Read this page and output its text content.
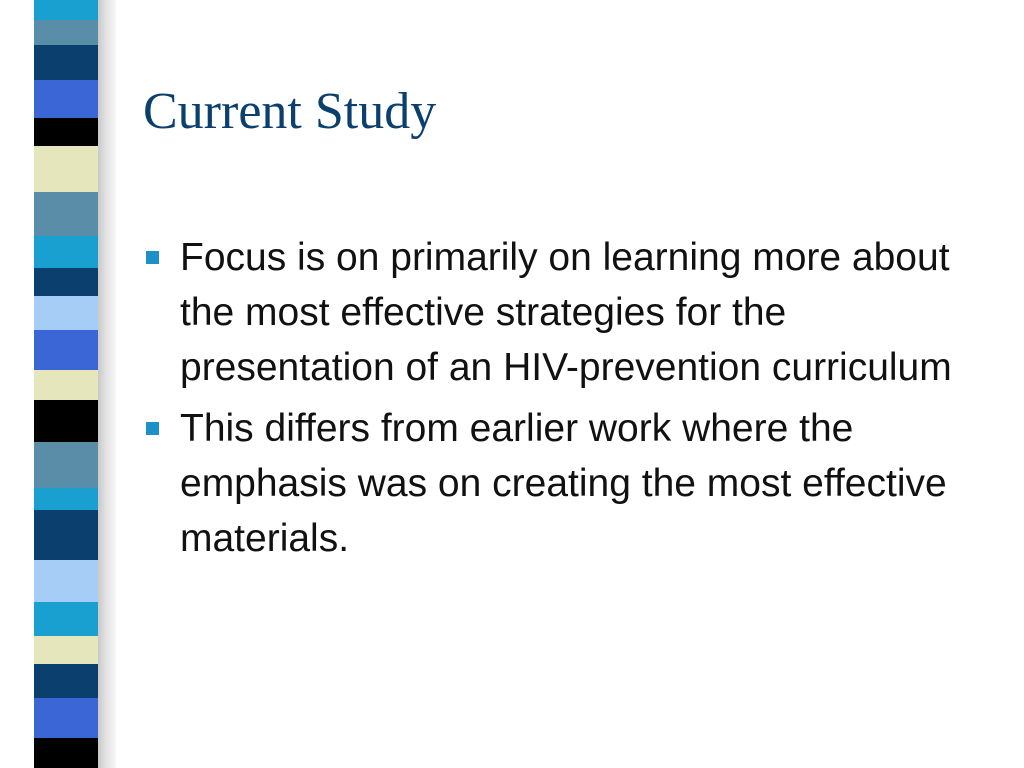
Current Study
Focus is on primarily on learning more about the most effective strategies for the presentation of an HIV-prevention curriculum
This differs from earlier work where the emphasis was on creating the most effective materials.
